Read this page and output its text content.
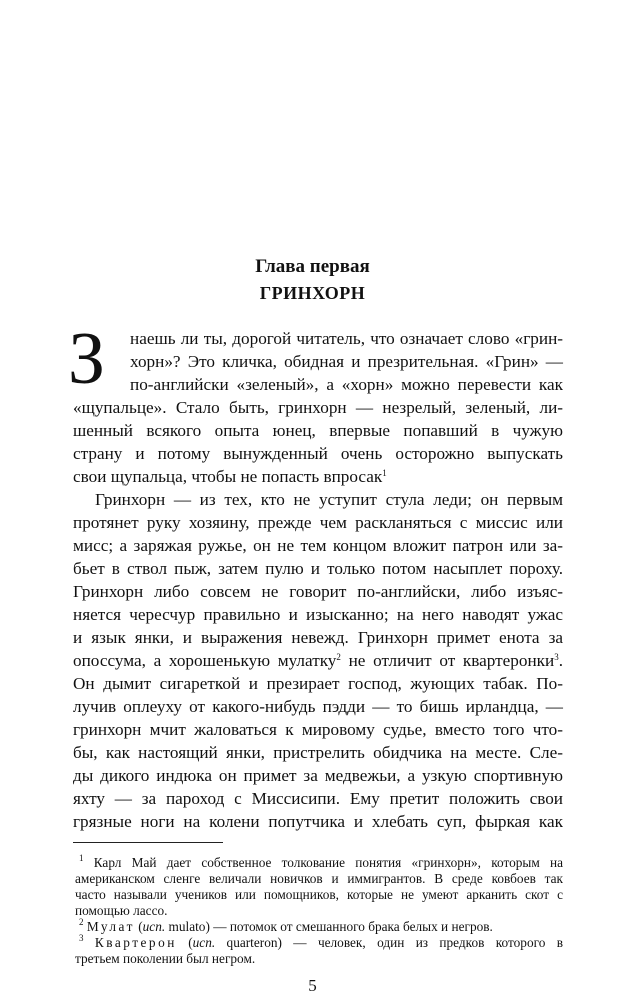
Глава первая
ГРИНХОРН
З наешь ли ты, дорогой читатель, что означает слово «грин-
хорн»? Это кличка, обидная и презрительная. «Грин» —
по-английски «зеленый», а «хорн» можно перевести как
«щупальце». Стало быть, гринхорн — незрелый, зеленый, ли-
шенный всякого опыта юнец, впервые попавший в чужую
страну и потому вынужденный очень осторожно выпускать
свои щупальца, чтобы не попасть впросак$^1$
Гринхорн — из тех, кто не уступит стула леди; он первым
протянет руку хозяину, прежде чем раскланяться с миссис или
мисс; а заряжая ружье, он не тем концом вложит патрон или за-
бьет в ствол пыж, затем пулю и только потом насыплет пороху.
Гринхорн либо совсем не говорит по-английски, либо изъяс-
няется чересчур правильно и изысканно; на него наводят ужас
и язык янки, и выражения невежд. Гринхорн примет енота за
опоссума, а хорошенькую мулатку$^2$ не отличит от квартеронки$^3$.
Он дымит сигареткой и презирает господ, жующих табак. По-
лучив оплеуху от какого-нибудь пэдди — то бишь ирландца, —
гринхорн мчит жаловаться к мировому судье, вместо того что-
бы, как настоящий янки, пристрелить обидчика на месте. Сле-
ды дикого индюка он примет за медвежьи, а узкую спортивную
яхту — за пароход с Миссисипи. Ему претит положить свои
грязные ноги на колени попутчика и хлебать суп, фыркая как
$^1$ Карл Май дает собственное толкование понятия «гринхорн», которым на
американском сленге величали новичков и иммигрантов. В среде ковбоев так
часто называли учеников или помощников, которые не умеют арканить скот с
помощью лассо.
$^2$ Мулат (исп. mulato) — потомок от смешанного брака белых и негров.
$^3$ Квартерон (исп. quarteron) — человек, один из предков которого в
третьем поколении был негром.
5
